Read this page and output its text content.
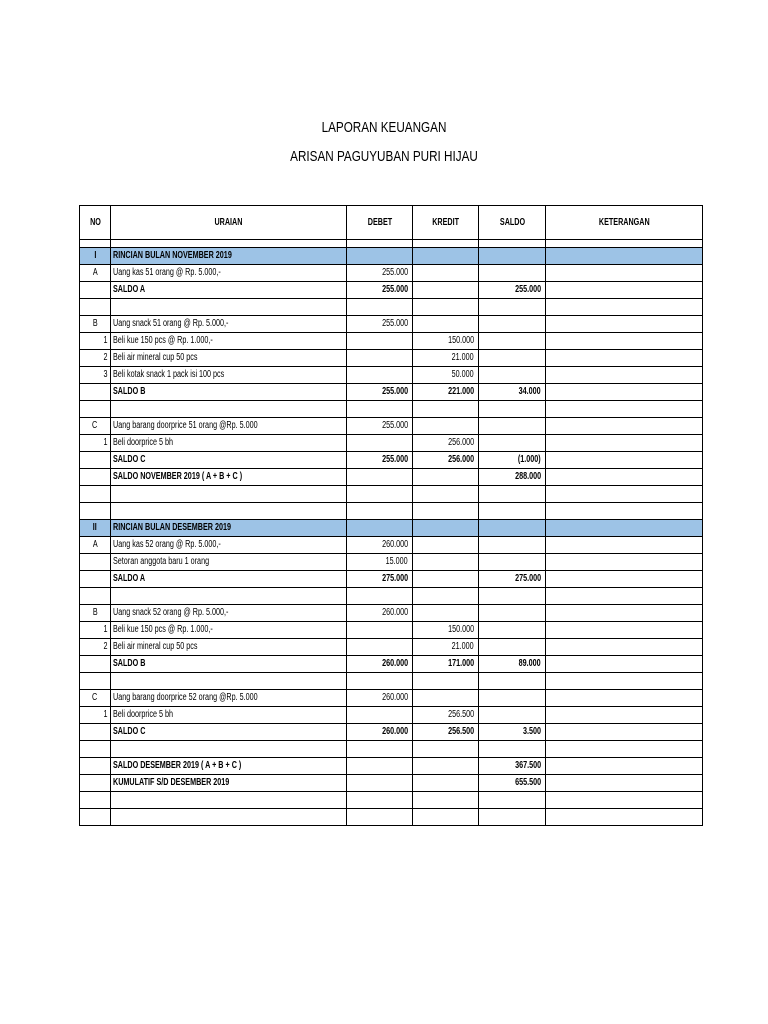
LAPORAN KEUANGAN
ARISAN PAGUYUBAN PURI HIJAU
NO	URAIAN	DEBET	KREDIT	SALDO	KETERANGAN

I	RINCIAN BULAN NOVEMBER 2019				
A	Uang kas 51 orang @ Rp. 5.000,-	255.000			
	SALDO A	255.000		255.000	

B	Uang snack 51 orang @ Rp. 5.000,-	255.000			
1	Beli kue 150 pcs @ Rp. 1.000,-		150.000		
2	Beli air mineral cup 50 pcs		21.000		
3	Beli kotak snack 1 pack isi 100 pcs		50.000		
	SALDO B	255.000	221.000	34.000	

C	Uang barang doorprice 51 orang @Rp. 5.000	255.000			
1	Beli doorprice 5 bh		256.000		
	SALDO C	255.000	256.000	(1.000)	
	SALDO NOVEMBER 2019 ( A + B + C )			288.000	

II	RINCIAN BULAN DESEMBER 2019				
A	Uang kas 52 orang @ Rp. 5.000,-	260.000			
	Setoran anggota baru 1 orang	15.000			
	SALDO A	275.000		275.000	

B	Uang snack 52 orang @ Rp. 5.000,-	260.000			
1	Beli kue 150 pcs @ Rp. 1.000,-		150.000		
2	Beli air mineral cup 50 pcs		21.000		
	SALDO B	260.000	171.000	89.000	

C	Uang barang doorprice 52 orang @Rp. 5.000	260.000			
1	Beli doorprice 5 bh		256.500		
	SALDO C	260.000	256.500	3.500	

	SALDO DESEMBER 2019 ( A + B + C )			367.500	
	KUMULATIF S/D DESEMBER 2019			655.500	
